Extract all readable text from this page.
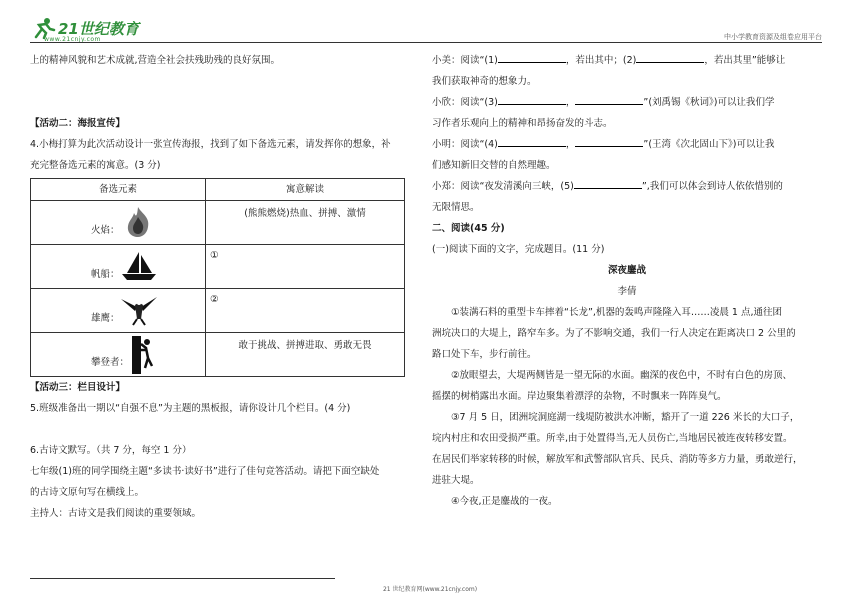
21世纪教育
www.21cnjy.com	中小学教育资源及组卷应用平台

上的精神风貌和艺术成就,营造全社会扶残助残的良好氛围。

【活动二：海报宣传】

4.小梅打算为此次活动设计一张宣传海报，找到了如下备选元素，请发挥你的想象，补

充完整备选元素的寓意。(3 分)

备选元素	寓意解读

火焰：	(熊熊燃烧)热血、拼搏、激情

帆船：	①

雄鹰：	②

攀登者：	敢于挑战、拼搏进取、勇敢无畏

【活动三：栏目设计】

5.班级准备出一期以“自强不息”为主题的黑板报，请你设计几个栏目。(4 分)

6.古诗文默写。（共 7 分，每空 1 分）

七年级(1)班的同学围绕主题“多读书·读好书”进行了佳句竞答活动。请把下面空缺处

的古诗文原句写在横线上。

主持人：古诗文是我们阅读的重要领域。

小美：阅读“(1)	，若出其中；(2)	，若出其里”能够让

我们获取神奇的想象力。

小欣：阅读“(3)	，	”(刘禹锡《秋词》)可以让我们学

习作者乐观向上的精神和昂扬奋发的斗志。

小明：阅读“(4)	，	”(王湾《次北固山下》)可以让我

们感知新旧交替的自然理趣。

小郑：阅读“夜发清溪向三峡，(5)	”,我们可以体会到诗人依依惜别的

无限情思。

二、阅读(45 分)

(一)阅读下面的文字，完成题目。(11 分)

深夜鏖战

李倩

①装满石料的重型卡车摔着“长龙”,机器的轰鸣声隆隆入耳……凌晨 1 点,通往团

洲垸决口的大堤上，路窄车多。为了不影响交通，我们一行人决定在距离决口 2 公里的

路口处下车，步行前往。

②放眼望去，大堤两侧皆是一望无际的水面。幽深的夜色中，不时有白色的房顶、

摇摆的树梢露出水面。岸边聚集着漂浮的杂物，不时飘来一阵阵臭气。

③7 月 5 日，团洲垸洞庭湖一线堤防被洪水冲断，豁开了一道 226 米长的大口子，

垸内村庄和农田受损严重。所幸,由于处置得当,无人员伤亡,当地居民被连夜转移安置。

在居民们举家转移的时候，解放军和武警部队官兵、民兵、消防等多方力量，勇敢逆行，

进驻大堤。

④今夜,正是鏖战的一夜。

21 世纪教育网(www.21cnjy.com)
